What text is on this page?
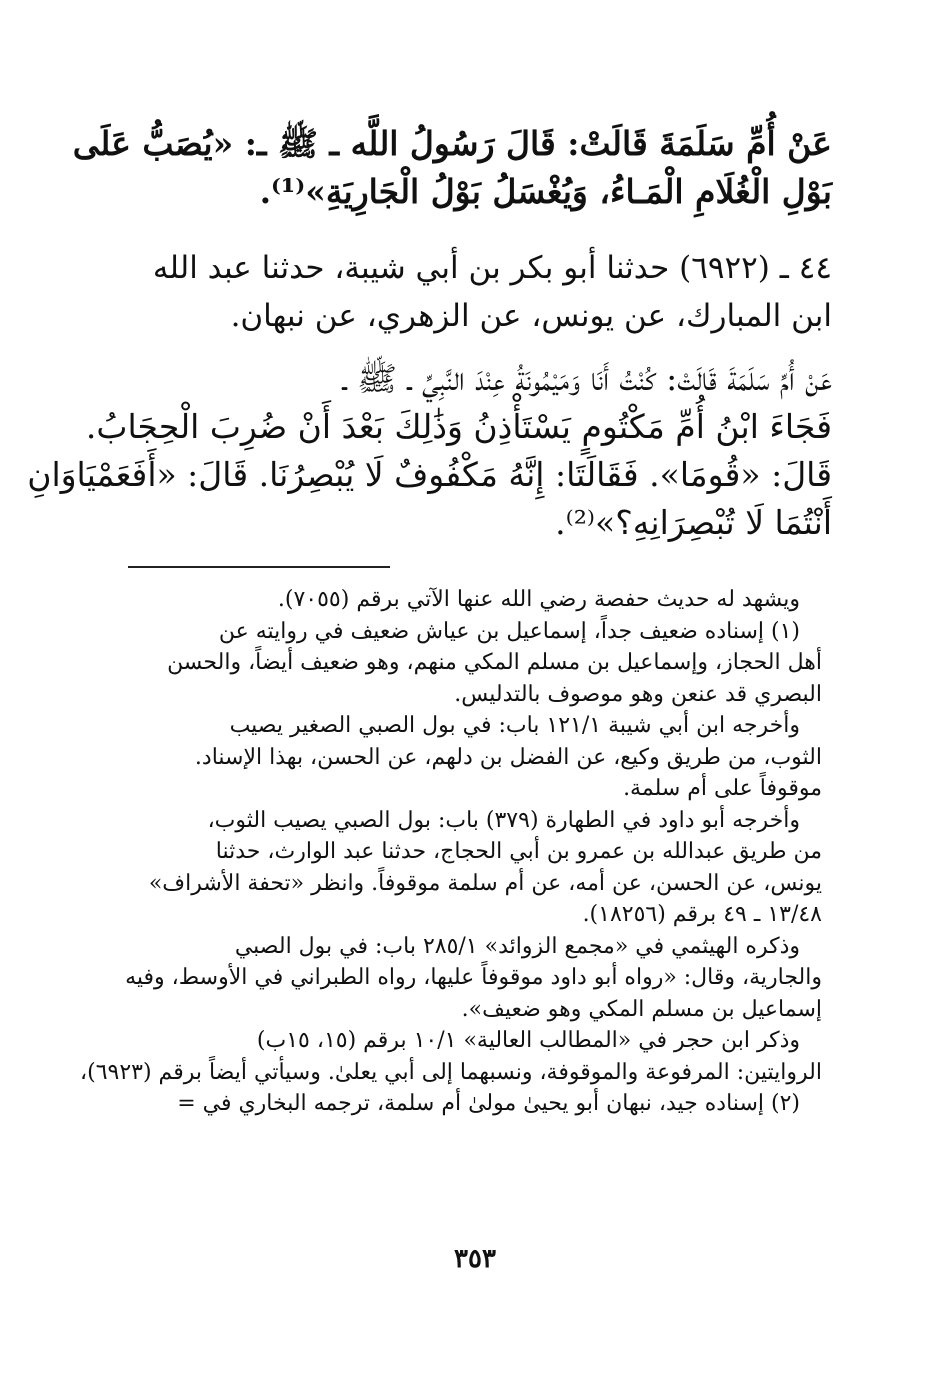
عَنْ أُمِّ سَلَمَةَ قَالَتْ: قَالَ رَسُولُ اللَّه ـ ﷺ ـ: «يُصَبُّ عَلَى
بَوْلِ الْغُلَامِ الْمَـاءُ، وَيُغْسَلُ بَوْلُ الْجَارِيَةِ»⁽¹⁾.
٤٤ ـ (٦٩٢٢) حدثنا أبو بكر بن أبي شيبة، حدثنا عبد الله
ابن المبارك، عن يونس، عن الزهري، عن نبهان.
عَنْ أُمِّ سَلَمَةَ قَالَتْ: كُنْتُ أَنَا وَمَيْمُونَةُ عِنْدَ النَّبِيِّ ـ ﷺ ـ
فَجَاءَ ابْنُ أُمِّ مَكْتُومٍ يَسْتَأْذِنُ وَذَٰلِكَ بَعْدَ أَنْ ضُرِبَ الْحِجَابُ.
قَالَ: «قُومَا». فَقَالَتَا: إِنَّهُ مَكْفُوفٌ لَا يُبْصِرُنَا. قَالَ: «أَفَعَمْيَاوَانِ
أَنْتُمَا لَا تُبْصِرَانِهِ؟»⁽²⁾.

ويشهد له حديث حفصة رضي الله عنها الآتي برقم (٧٠٥٥).

(١) إسناده ضعيف جداً، إسماعيل بن عياش ضعيف في روايته عن

أهل الحجاز، وإسماعيل بن مسلم المكي منهم، وهو ضعيف أيضاً، والحسن

البصري قد عنعن وهو موصوف بالتدليس.

وأخرجه ابن أبي شيبة ١٢١/١ باب: في بول الصبي الصغير يصيب

الثوب، من طريق وكيع، عن الفضل بن دلهم، عن الحسن، بهذا الإسناد.

موقوفاً على أم سلمة.

وأخرجه أبو داود في الطهارة (٣٧٩) باب: بول الصبي يصيب الثوب،

من طريق عبدالله بن عمرو بن أبي الحجاج، حدثنا عبد الوارث، حدثنا

يونس، عن الحسن، عن أمه، عن أم سلمة موقوفاً. وانظر «تحفة الأشراف»

١٣/٤٨ ـ ٤٩ برقم (١٨٢٥٦).

وذكره الهيثمي في «مجمع الزوائد» ٢٨٥/١ باب: في بول الصبي

والجارية، وقال: «رواه أبو داود موقوفاً عليها، رواه الطبراني في الأوسط، وفيه

إسماعيل بن مسلم المكي وهو ضعيف».

وذكر ابن حجر في «المطالب العالية» ١٠/١ برقم (١٥، ١٥ب)

الروايتين: المرفوعة والموقوفة، ونسبهما إلى أبي يعلىٰ. وسيأتي أيضاً برقم (٦٩٢٣)،

(٢) إسناده جيد، نبهان أبو يحيىٰ مولىٰ أم سلمة، ترجمه البخاري في =

٣٥٣
